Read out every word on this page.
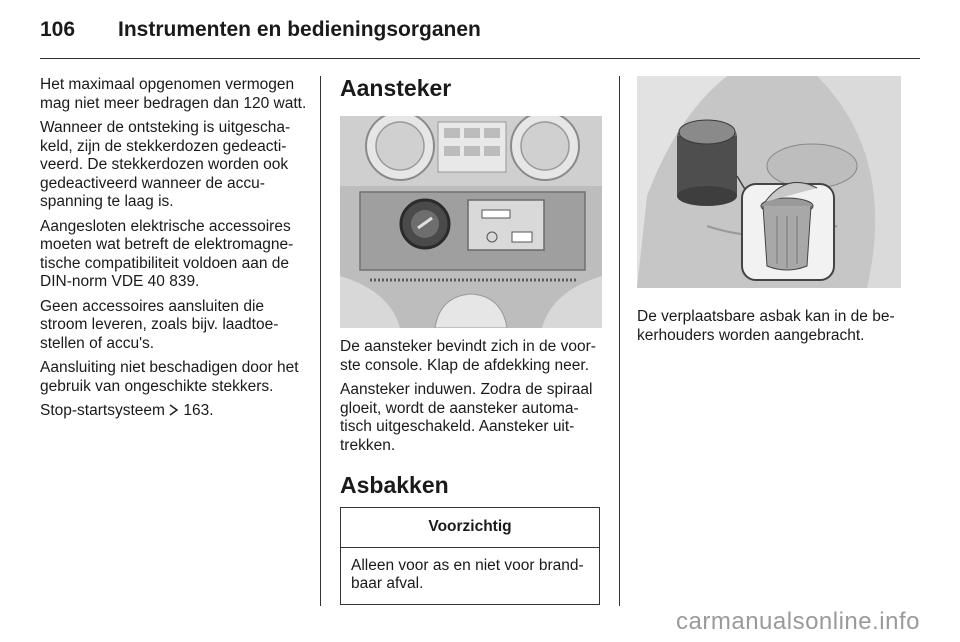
106 Instrumenten en bedieningsorganen

Het maximaal opgenomen vermogen mag niet meer bedragen dan 120 watt.

Wanneer de ontsteking is uitgescha-keld, zijn de stekkerdozen gedeacti-veerd. De stekkerdozen worden ook gedeactiveerd wanneer de accu-spanning te laag is.

Aangesloten elektrische accessoires moeten wat betreft de elektromagne-tische compatibiliteit voldoen aan de DIN-norm VDE 40 839.

Geen accessoires aansluiten die stroom leveren, zoals bijv. laadtoe-stellen of accu's.

Aansluiting niet beschadigen door het gebruik van ongeschikte stekkers.

Stop-startsysteem 163.

Aansteker

De aansteker bevindt zich in de voor-ste console. Klap de afdekking neer.

Aansteker induwen. Zodra de spiraal gloeit, wordt de aansteker automa-tisch uitgeschakeld. Aansteker uit-trekken.

Asbakken
Voorzichtig
Alleen voor as en niet voor brand-baar afval.

De verplaatsbare asbak kan in de be-kerhouders worden aangebracht.

carmanualsonline.info
